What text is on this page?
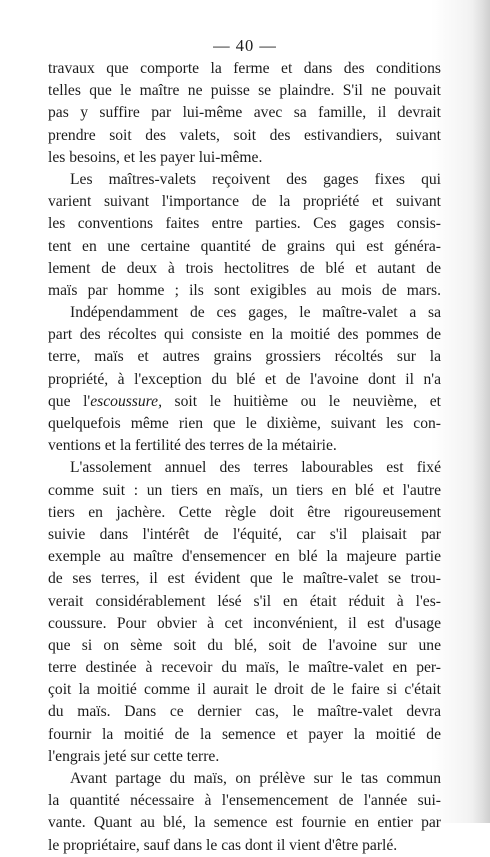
— 40 —
travaux que comporte la ferme et dans des conditions
telles que le maître ne puisse se plaindre. S'il ne pouvait
pas y suffire par lui-même avec sa famille, il devrait
prendre soit des valets, soit des estivandiers, suivant
les besoins, et les payer lui-même.
Les maîtres-valets reçoivent des gages fixes qui
varient suivant l'importance de la propriété et suivant
les conventions faites entre parties. Ces gages consis-
tent en une certaine quantité de grains qui est généra-
lement de deux à trois hectolitres de blé et autant de
maïs par homme ; ils sont exigibles au mois de mars.
Indépendamment de ces gages, le maître-valet a sa
part des récoltes qui consiste en la moitié des pommes de
terre, maïs et autres grains grossiers récoltés sur la
propriété, à l'exception du blé et de l'avoine dont il n'a
que l'escoussure, soit le huitième ou le neuvième, et
quelquefois même rien que le dixième, suivant les con-
ventions et la fertilité des terres de la métairie.
L'assolement annuel des terres labourables est fixé
comme suit : un tiers en maïs, un tiers en blé et l'autre
tiers en jachère. Cette règle doit être rigoureusement
suivie dans l'intérêt de l'équité, car s'il plaisait par
exemple au maître d'ensemencer en blé la majeure partie
de ses terres, il est évident que le maître-valet se trou-
verait considérablement lésé s'il en était réduit à l'es-
coussure. Pour obvier à cet inconvénient, il est d'usage
que si on sème soit du blé, soit de l'avoine sur une
terre destinée à recevoir du maïs, le maître-valet en per-
çoit la moitié comme il aurait le droit de le faire si c'était
du maïs. Dans ce dernier cas, le maître-valet devra
fournir la moitié de la semence et payer la moitié de
l'engrais jeté sur cette terre.
Avant partage du maïs, on prélève sur le tas commun
la quantité nécessaire à l'ensemencement de l'année sui-
vante. Quant au blé, la semence est fournie en entier par
le propriétaire, sauf dans le cas dont il vient d'être parlé.
